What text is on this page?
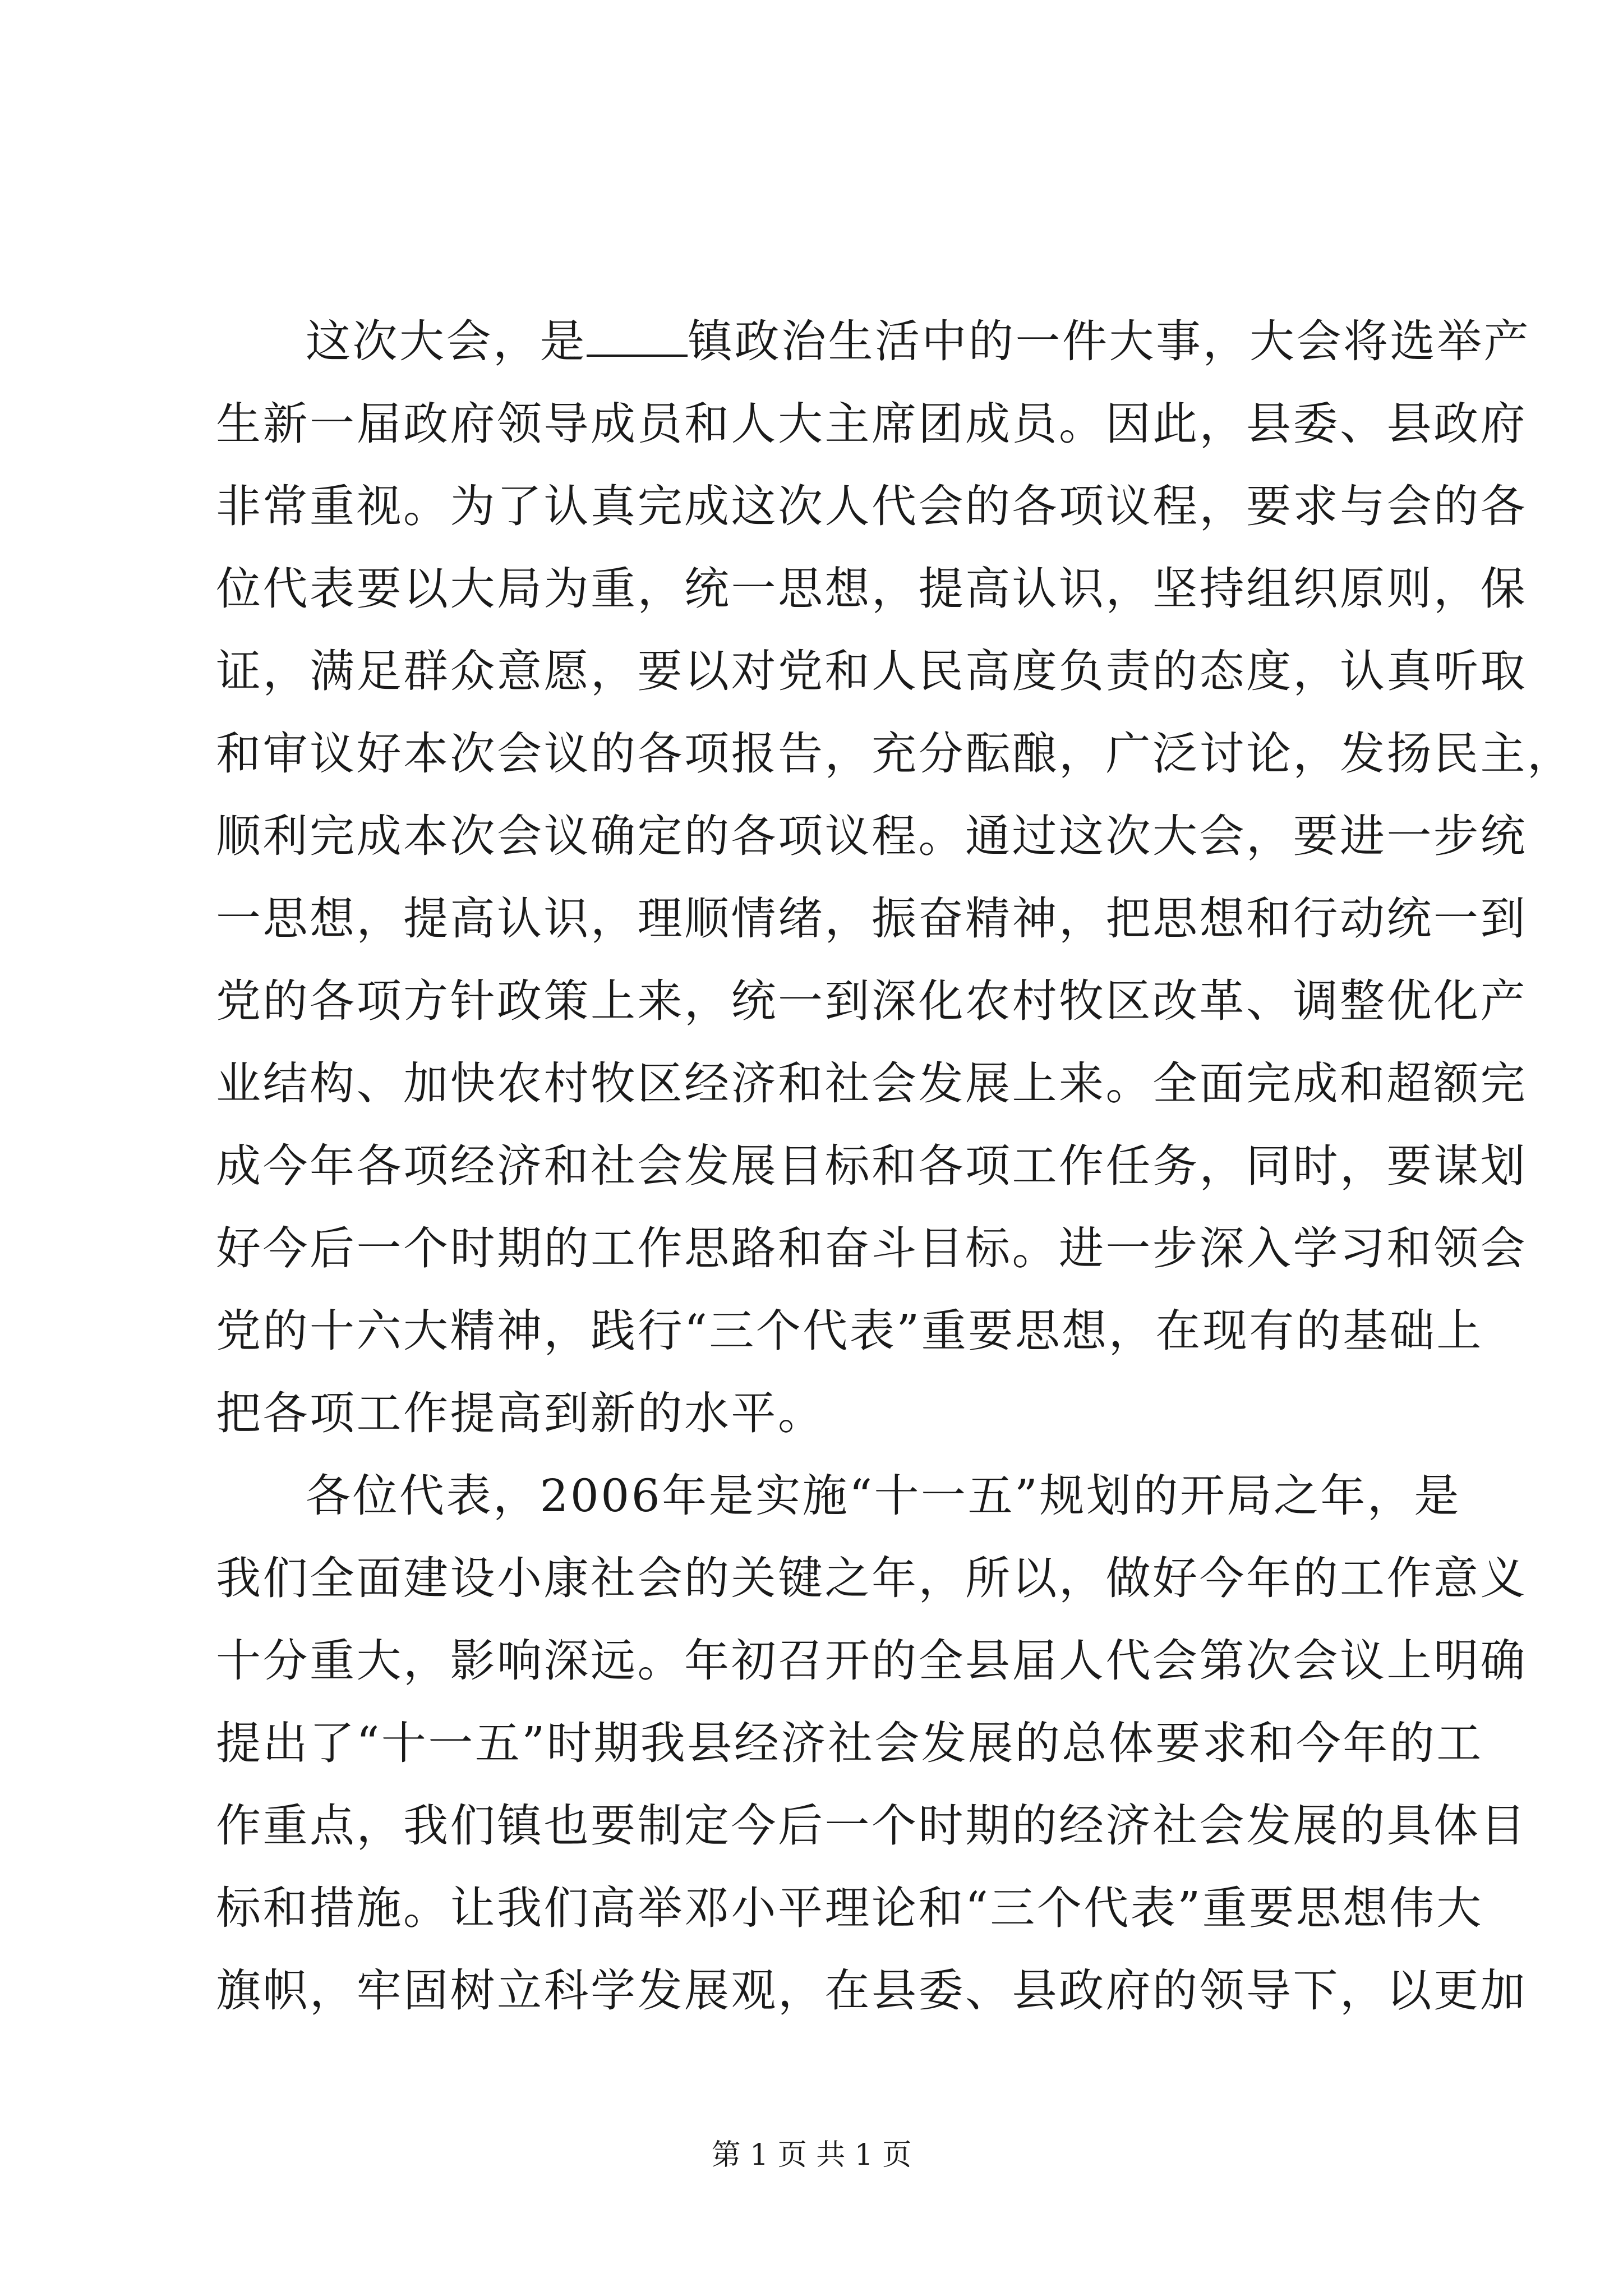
这次大会，是 镇政治生活中的一件大事，大会将选举产
生新一届政府领导成员和人大主席团成员。因此，县委、县政府
非常重视。为了认真完成这次人代会的各项议程，要求与会的各
位代表要以大局为重，统一思想，提高认识，坚持组织原则，保
证，满足群众意愿，要以对党和人民高度负责的态度，认真听取
和审议好本次会议的各项报告，充分酝酿，广泛讨论，发扬民主，
顺利完成本次会议确定的各项议程。通过这次大会，要进一步统
一思想，提高认识，理顺情绪，振奋精神，把思想和行动统一到
党的各项方针政策上来，统一到深化农村牧区改革、调整优化产
业结构、加快农村牧区经济和社会发展上来。全面完成和超额完
成今年各项经济和社会发展目标和各项工作任务，同时，要谋划
好今后一个时期的工作思路和奋斗目标。进一步深入学习和领会
党的十六大精神，践行“三个代表”重要思想，在现有的基础上
把各项工作提高到新的水平。
各位代表，2006年是实施“十一五”规划的开局之年，是
我们全面建设小康社会的关键之年，所以，做好今年的工作意义
十分重大，影响深远。年初召开的全县届人代会第次会议上明确
提出了“十一五”时期我县经济社会发展的总体要求和今年的工
作重点，我们镇也要制定今后一个时期的经济社会发展的具体目
标和措施。让我们高举邓小平理论和“三个代表”重要思想伟大
旗帜，牢固树立科学发展观，在县委、县政府的领导下，以更加
第 1 页 共 1 页
